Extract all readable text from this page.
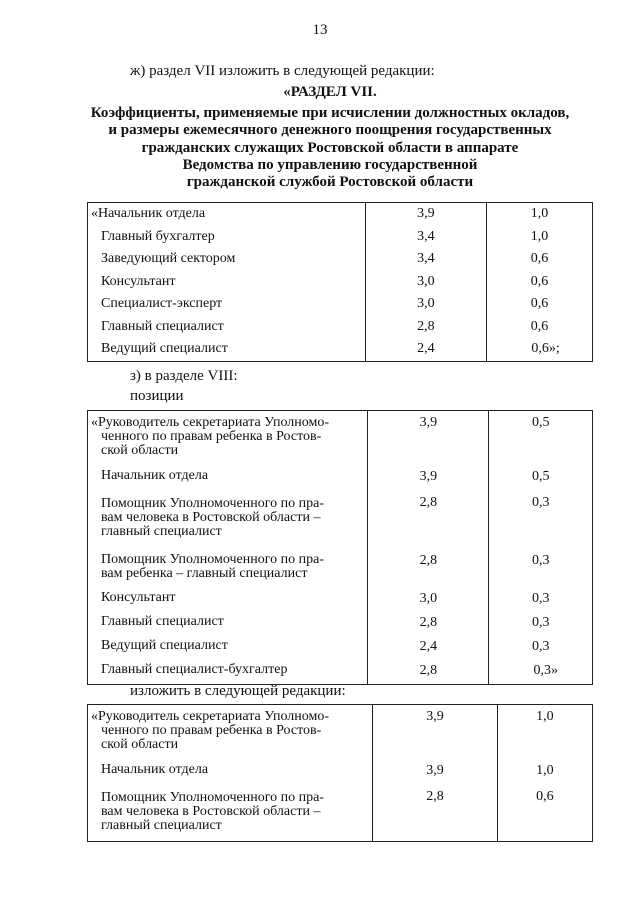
13
ж) раздел VII изложить в следующей редакции:
«РАЗДЕЛ VII.
Коэффициенты, применяемые при исчислении должностных окладов,
и размеры ежемесячного денежного поощрения государственных
гражданских служащих Ростовской области в аппарате
Ведомства по управлению государственной
гражданской службой Ростовской области
«Начальник отдела	3,9	1,0
Главный бухгалтер	3,4	1,0
Заведующий сектором	3,4	0,6
Консультант	3,0	0,6
Специалист-эксперт	3,0	0,6
Главный специалист	2,8	0,6
Ведущий специалист	2,4	0,6»;
з) в разделе VIII:
позиции
«Руководитель секретариата Уполномо-
ченного по правам ребенка в Ростов-
ской области	3,9	0,5

Начальник отдела	3,9	0,5

Помощник Уполномоченного по пра-
вам человека в Ростовской области –
главный специалист	2,8	0,3

Помощник Уполномоченного по пра-
вам ребенка – главный специалист	2,8	0,3

Консультант	3,0	0,3

Главный специалист	2,8	0,3

Ведущий специалист	2,4	0,3

Главный специалист-бухгалтер	2,8	0,3»
изложить в следующей редакции:
«Руководитель секретариата Уполномо-
ченного по правам ребенка в Ростов-
ской области	3,9	1,0

Начальник отдела	3,9	1,0

Помощник Уполномоченного по пра-
вам человека в Ростовской области –
главный специалист	2,8	0,6
